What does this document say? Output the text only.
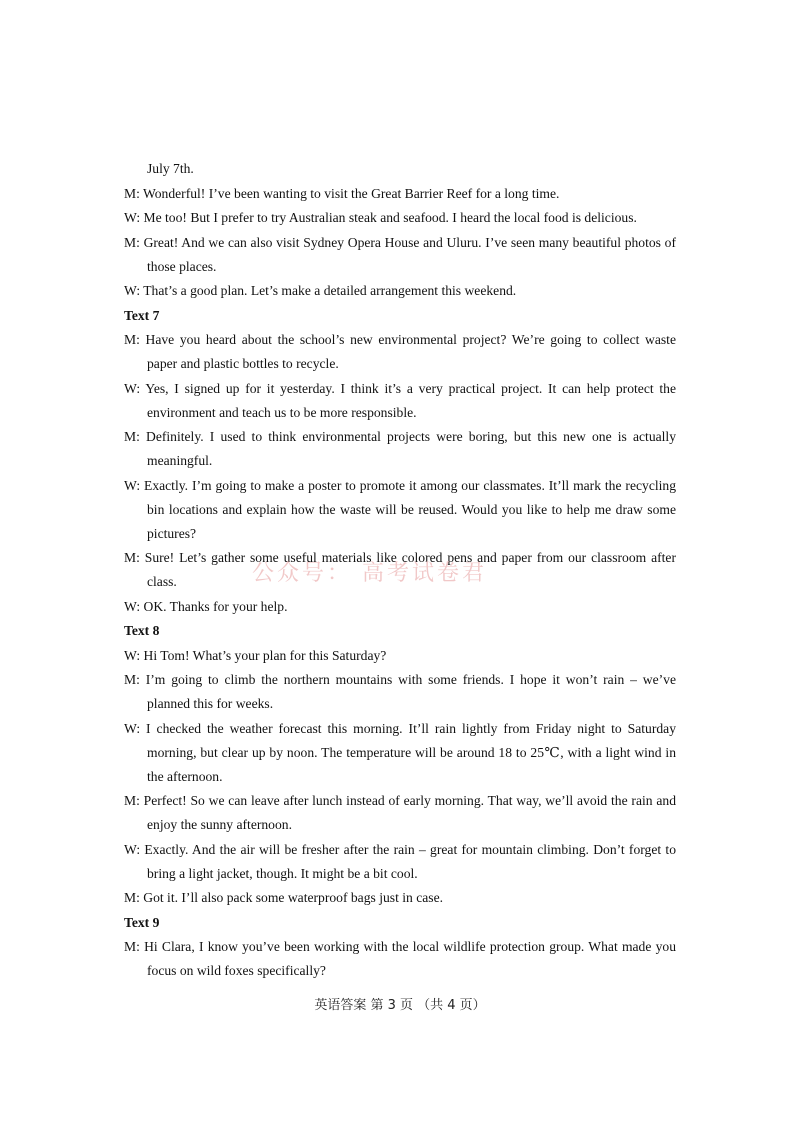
July 7th.

M: Wonderful! I’ve been wanting to visit the Great Barrier Reef for a long time.

W: Me too! But I prefer to try Australian steak and seafood. I heard the local food is delicious.

M: Great! And we can also visit Sydney Opera House and Uluru. I’ve seen many beautiful photos of those places.

W: That’s a good plan. Let’s make a detailed arrangement this weekend.

Text 7

M: Have you heard about the school’s new environmental project? We’re going to collect waste paper and plastic bottles to recycle.

W: Yes, I signed up for it yesterday. I think it’s a very practical project. It can help protect the environment and teach us to be more responsible.

M: Definitely. I used to think environmental projects were boring, but this new one is actually meaningful.

W: Exactly. I’m going to make a poster to promote it among our classmates. It’ll mark the recycling bin locations and explain how the waste will be reused. Would you like to help me draw some pictures?

M: Sure! Let’s gather some useful materials like colored pens and paper from our classroom after class.

W: OK. Thanks for your help.

Text 8

W: Hi Tom! What’s your plan for this Saturday?

M: I’m going to climb the northern mountains with some friends. I hope it won’t rain – we’ve planned this for weeks.

W: I checked the weather forecast this morning. It’ll rain lightly from Friday night to Saturday morning, but clear up by noon. The temperature will be around 18 to 25℃, with a light wind in the afternoon.

M: Perfect! So we can leave after lunch instead of early morning. That way, we’ll avoid the rain and enjoy the sunny afternoon.

W: Exactly. And the air will be fresher after the rain – great for mountain climbing. Don’t forget to bring a light jacket, though. It might be a bit cool.

M: Got it. I’ll also pack some waterproof bags just in case.

Text 9

M: Hi Clara, I know you’ve been working with the local wildlife protection group. What made you focus on wild foxes specifically?

公众号： 高考试卷君
英语答案 第 3 页 （共 4 页）
